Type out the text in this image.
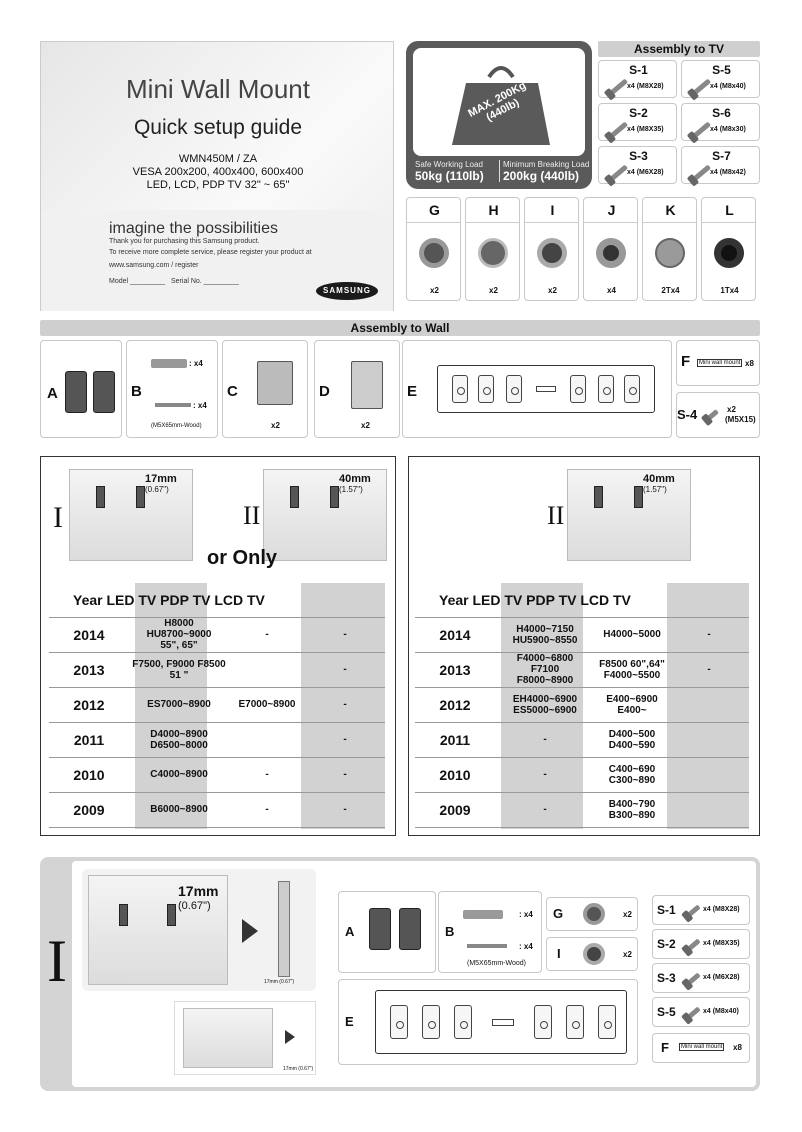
Mini Wall Mount
Quick setup guide
WMN450M / ZA
VESA 200x200, 400x400, 600x400
LED, LCD, PDP TV 32" ~ 65"
imagine the possibilities
Thank you for purchasing this Samsung product.
To receive more complete service, please register your product at
www.samsung.com / register
Model _________ Serial No. _________
SAMSUNG
MAX. 200Kg (440lb)
Safe Working Load
50kg (110lb)
Minimum Breaking Load
200kg (440lb)
Assembly to TV
S-1
x4 (M8X28)
S-5
x4 (M8x40)
S-2
x4 (M8X35)
S-6
x4 (M8x30)
S-3
x4 (M6X28)
S-7
x4 (M8x42)
G
x2
H
x2
I
x2
J
x4
K
2Tx4
L
1Tx4
Assembly to Wall
A	B
: x4
: x4
(M5X65mm-Wood)
C
x2
D
x2
E
F	Mini wall mount x8
S-4	x2
(M5X15)
I
17mm
(0.67")
II
40mm
(1.57")
or Only
Year LED TV PDP TV LCD TV			
2014	H8000
HU8700~9000
55", 65"	-	-
2013	F7500, F9000 F8500 51 "		-
2012	ES7000~8900	E7000~8900	-
2011	D4000~8900 D6500~8000		-
2010	C4000~8900	-	-
2009	B6000~8900	-	-
II
40mm
(1.57")
Year LED TV PDP TV LCD TV			
2014	H4000~7150
HU5900~8550	H4000~5000	-
2013	F4000~6800
F7100
F8000~8900	F8500 60",64"
F4000~5500	-
2012	EH4000~6900
ES5000~6900	E400~6900 E400~	
2011	-	D400~500 D400~590	
2010	-	C400~690 C300~890	
2009	-	B400~790 B300~890	
I
17mm
(0.67")
17mm (0.67")
17mm (0.67")
A	B
: x4
: x4
(M5X65mm-Wood)
G	x2
I	x2
E
S-1	x4 (M8X28)
S-2	x4 (M8X35)
S-3	x4 (M6X28)
S-5	x4 (M8x40)
F	Mini wall mount x8
